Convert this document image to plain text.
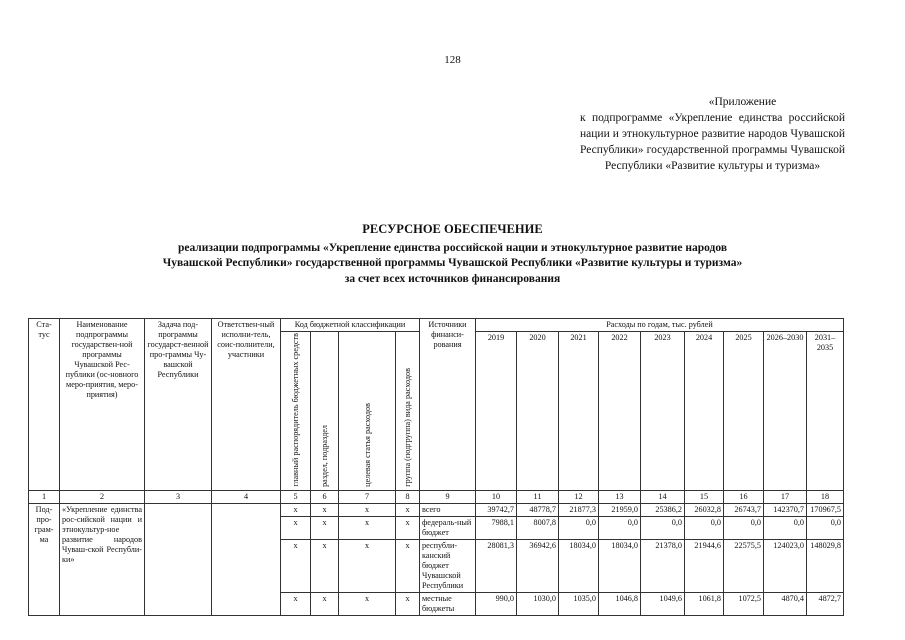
128
«Приложение
к подпрограмме «Укрепление единства российской нации и этнокультурное развитие народов Чувашской Республики» государственной программы Чувашской Республики «Развитие культуры и туризма»
РЕСУРСНОЕ ОБЕСПЕЧЕНИЕ
реализации подпрограммы «Укрепление единства российской нации и этнокультурное развитие народов
Чувашской Республики» государственной программы Чувашской Республики «Развитие культуры и туризма»
за счет всех источников финансирования
Ста-тус	Наименование подпрограммы государствен-ной программы Чувашской Рес-публики (ос-новного меро-приятия, меро-приятия)	Задача под-программы государст-венной про-граммы Чу-вашской Республики	Ответствен-ный исполни-тель, соис-полнители, участники	Код бюджетной классификации				Источники финанси-рования	Расходы по годам, тыс. рублей								
				главный распорядитель бюджетных средств	раздел, подраздел	целевая статья расходов	группа (подгруппа) вида расходов		2019	2020	2021	2022	2023	2024	2025	2026–2030	2031–2035
1	2	3	4	5	6	7	8	9	10	11	12	13	14	15	16	17	18
Под-про-грам-ма	«Укрепление единства рос-сийской нации и этнокультур-ное развитие народов Чуваш-ской Республи-ки»			x	x	x	x	всего	39742,7	48778,7	21877,3	21959,0	25386,2	26032,8	26743,7	142370,7	170967,5
				x	x	x	x	федераль-ный бюджет	7988,1	8007,8	0,0	0,0	0,0	0,0	0,0	0,0	0,0
				x	x	x	x	республи-канский бюджет Чувашской Республики	28081,3	36942,6	18034,0	18034,0	21378,0	21944,6	22575,5	124023,0	148029,8
				x	x	x	x	местные бюджеты	990,0	1030,0	1035,0	1046,8	1049,6	1061,8	1072,5	4870,4	4872,7
